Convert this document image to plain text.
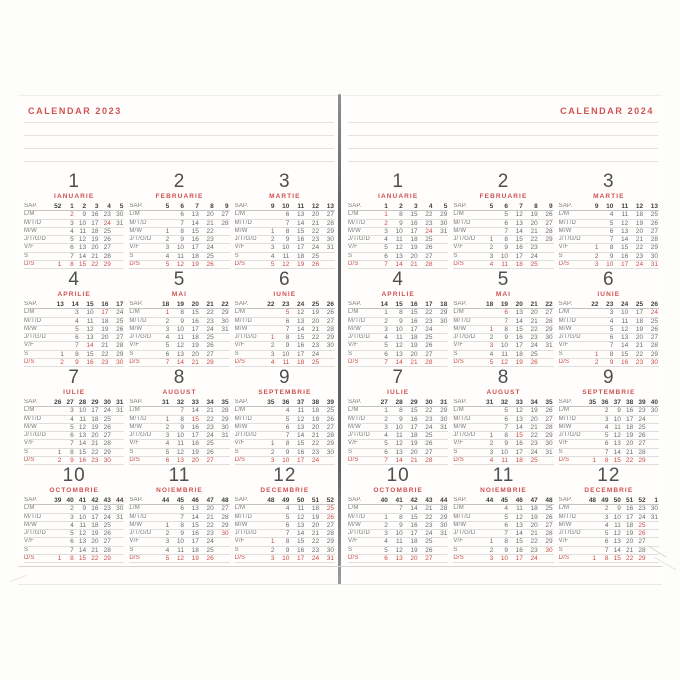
CALENDAR 2023
1
IANUARIE
SĂP.	52	1	2	3	4	5
L/M		2	9	16	23	30
M/T/D		3	10	17	24	31
M/W		4	11	18	25	
J/T/G/D		5	12	19	26	
V/F		6	13	20	27	
S		7	14	21	28	
D/S	1	8	15	22	29	
2
FEBRUARIE
SĂP.	5	6	7	8	9
L/M		6	13	20	27
M/T/D		7	14	21	28
M/W	1	8	15	22	
J/T/G/D	2	9	16	23	
V/F	3	10	17	24	
S	4	11	18	25	
D/S	5	12	19	26	
3
MARTIE
SĂP.	9	10	11	12	13
L/M		6	13	20	27
M/T/D		7	14	21	28
M/W	1	8	15	22	29
J/T/G/D	2	9	16	23	30
V/F	3	10	17	24	31
S	4	11	18	25	
D/S	5	12	19	26	
4
APRILIE
SĂP.	13	14	15	16	17
L/M		3	10	17	24
M/T/D		4	11	18	25
M/W		5	12	19	26
J/T/G/D		6	13	20	27
V/F		7	14	21	28
S	1	8	15	22	29
D/S	2	9	16	23	30
5
MAI
SĂP.	18	19	20	21	22
L/M	1	8	15	22	29
M/T/D	2	9	16	23	30
M/W	3	10	17	24	31
J/T/G/D	4	11	18	25	
V/F	5	12	19	26	
S	6	13	20	27	
D/S	7	14	21	28	
6
IUNIE
SĂP.	22	23	24	25	26
L/M		5	12	19	26
M/T/D		6	13	20	27
M/W		7	14	21	28
J/T/G/D	1	8	15	22	29
V/F	2	9	16	23	30
S	3	10	17	24	
D/S	4	11	18	25	
7
IULIE
SĂP.	26	27	28	29	30	31
L/M		3	10	17	24	31
M/T/D		4	11	18	25	
M/W		5	12	19	26	
J/T/G/D		6	13	20	27	
V/F		7	14	21	28	
S	1	8	15	22	29	
D/S	2	9	16	23	30	
8
AUGUST
SĂP.	31	32	33	34	35
L/M		7	14	21	28
M/T/D	1	8	15	22	29
M/W	2	9	16	23	30
J/T/G/D	3	10	17	24	31
V/F	4	11	18	25	
S	5	12	19	26	
D/S	6	13	20	27	
9
SEPTEMBRIE
SĂP.	35	36	37	38	39
L/M		4	11	18	25
M/T/D		5	12	19	26
M/W		6	13	20	27
J/T/G/D		7	14	21	28
V/F	1	8	15	22	29
S	2	9	16	23	30
D/S	3	10	17	24	
10
OCTOMBRIE
SĂP.	39	40	41	42	43	44
L/M		2	9	16	23	30
M/T/D		3	10	17	24	31
M/W		4	11	18	25	
J/T/G/D		5	12	19	26	
V/F		6	13	20	27	
S		7	14	21	28	
D/S	1	8	15	22	29	
11
NOIEMBRIE
SĂP.	44	45	46	47	48
L/M		6	13	20	27
M/T/D		7	14	21	28
M/W	1	8	15	22	29
J/T/G/D	2	9	16	23	30
V/F	3	10	17	24	
S	4	11	18	25	
D/S	5	12	19	26	
12
DECEMBRIE
SĂP.	48	49	50	51	52
L/M		4	11	18	25
M/T/D		5	12	19	26
M/W		6	13	20	27
J/T/G/D		7	14	21	28
V/F	1	8	15	22	29
S	2	9	16	23	30
D/S	3	10	17	24	31
CALENDAR 2024
1
IANUARIE
SĂP.	1	2	3	4	5
L/M	1	8	15	22	29
M/T/D	2	9	16	23	30
M/W	3	10	17	24	31
J/T/G/D	4	11	18	25	
V/F	5	12	19	26	
S	6	13	20	27	
D/S	7	14	21	28	
2
FEBRUARIE
SĂP.	5	6	7	8	9
L/M		5	12	19	26
M/T/D		6	13	20	27
M/W		7	14	21	28
J/T/G/D	1	8	15	22	29
V/F	2	9	16	23	
S	3	10	17	24	
D/S	4	11	18	25	
3
MARTIE
SĂP.	9	10	11	12	13
L/M		4	11	18	25
M/T/D		5	12	19	26
M/W		6	13	20	27
J/T/G/D		7	14	21	28
V/F	1	8	15	22	29
S	2	9	16	23	30
D/S	3	10	17	24	31
4
APRILIE
SĂP.	14	15	16	17	18
L/M	1	8	15	22	29
M/T/D	2	9	16	23	30
M/W	3	10	17	24	
J/T/G/D	4	11	18	25	
V/F	5	12	19	26	
S	6	13	20	27	
D/S	7	14	21	28	
5
MAI
SĂP.	18	19	20	21	22
L/M		6	13	20	27
M/T/D		7	14	21	28
M/W	1	8	15	22	29
J/T/G/D	2	9	16	23	30
V/F	3	10	17	24	31
S	4	11	18	25	
D/S	5	12	19	26	
6
IUNIE
SĂP.	22	23	24	25	26
L/M		3	10	17	24
M/T/D		4	11	18	25
M/W		5	12	19	26
J/T/G/D		6	13	20	27
V/F		7	14	21	28
S	1	8	15	22	29
D/S	2	9	16	23	30
7
IULIE
SĂP.	27	28	29	30	31
L/M	1	8	15	22	29
M/T/D	2	9	16	23	30
M/W	3	10	17	24	31
J/T/G/D	4	11	18	25	
V/F	5	12	19	26	
S	6	13	20	27	
D/S	7	14	21	28	
8
AUGUST
SĂP.	31	32	33	34	35
L/M		5	12	19	26
M/T/D		6	13	20	27
M/W		7	14	21	28
J/T/G/D	1	8	15	22	29
V/F	2	9	16	23	30
S	3	10	17	24	31
D/S	4	11	18	25	
9
SEPTEMBRIE
SĂP.	35	36	37	38	39	40
L/M		2	9	16	23	30
M/T/D		3	10	17	24	
M/W		4	11	18	25	
J/T/G/D		5	12	19	26	
V/F		6	13	20	27	
S		7	14	21	28	
D/S	1	8	15	22	29	
10
OCTOMBRIE
SĂP.	40	41	42	43	44
L/M		7	14	21	28
M/T/D	1	8	15	22	29
M/W	2	9	16	23	30
J/T/G/D	3	10	17	24	31
V/F	4	11	18	25	
S	5	12	19	26	
D/S	6	13	20	27	
11
NOIEMBRIE
SĂP.	44	45	46	47	48
L/M		4	11	18	25
M/T/D		5	12	19	26
M/W		6	13	20	27
J/T/G/D		7	14	21	28
V/F	1	8	15	22	29
S	2	9	16	23	30
D/S	3	10	17	24	
12
DECEMBRIE
SĂP.	48	49	50	51	52	1
L/M		2	9	16	23	30
M/T/D		3	10	17	24	31
M/W		4	11	18	25	
J/T/G/D		5	12	19	26	
V/F		6	13	20	27	
S		7	14	21	28	
D/S	1	8	15	22	29	
